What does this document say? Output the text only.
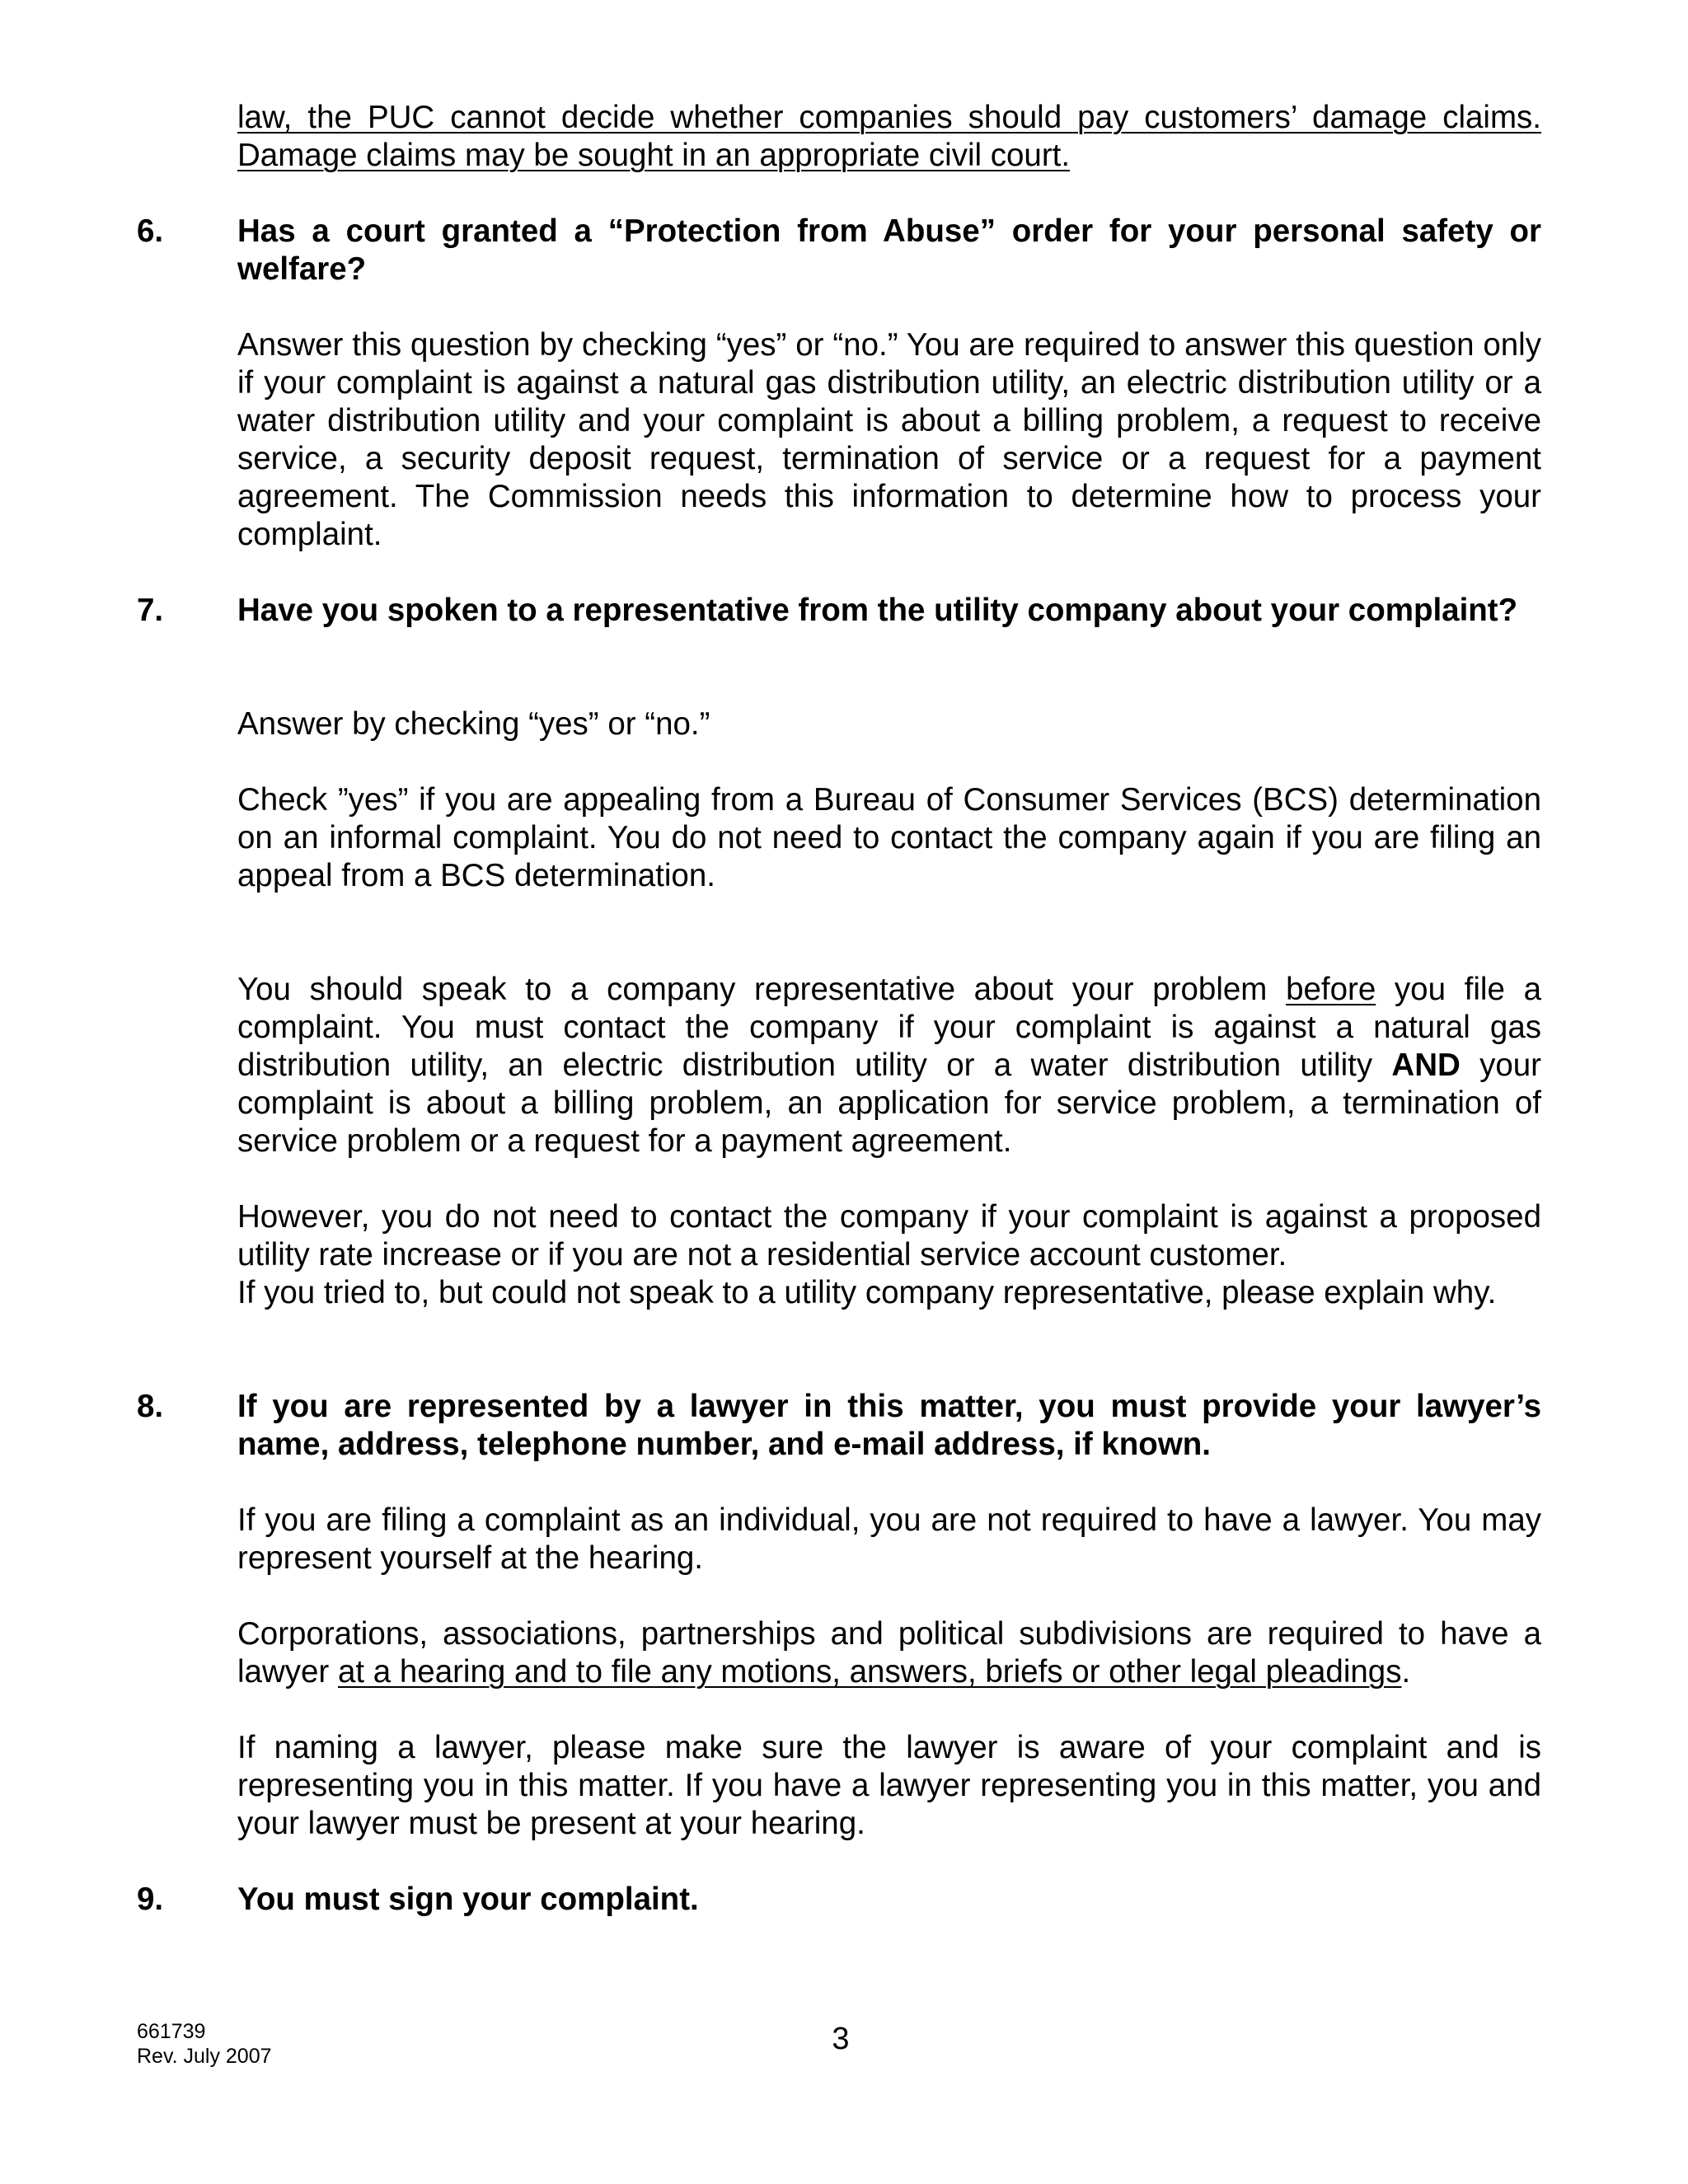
law, the PUC cannot decide whether companies should pay customers’ damage claims. Damage claims may be sought in an appropriate civil court.
6. Has a court granted a “Protection from Abuse” order for your personal safety or welfare?
Answer this question by checking “yes” or “no.” You are required to answer this question only if your complaint is against a natural gas distribution utility, an electric distribution utility or a water distribution utility and your complaint is about a billing problem, a request to receive service, a security deposit request, termination of service or a request for a payment agreement. The Commission needs this information to determine how to process your complaint.
7. Have you spoken to a representative from the utility company about your complaint?
Answer by checking “yes” or “no.”
Check ”yes” if you are appealing from a Bureau of Consumer Services (BCS) determination on an informal complaint. You do not need to contact the company again if you are filing an appeal from a BCS determination.
You should speak to a company representative about your problem before you file a complaint. You must contact the company if your complaint is against a natural gas distribution utility, an electric distribution utility or a water distribution utility AND your complaint is about a billing problem, an application for service problem, a termination of service problem or a request for a payment agreement.
However, you do not need to contact the company if your complaint is against a proposed utility rate increase or if you are not a residential service account customer.
If you tried to, but could not speak to a utility company representative, please explain why.
8. If you are represented by a lawyer in this matter, you must provide your lawyer’s name, address, telephone number, and e-mail address, if known.
If you are filing a complaint as an individual, you are not required to have a lawyer. You may represent yourself at the hearing.
Corporations, associations, partnerships and political subdivisions are required to have a lawyer at a hearing and to file any motions, answers, briefs or other legal pleadings.
If naming a lawyer, please make sure the lawyer is aware of your complaint and is representing you in this matter. If you have a lawyer representing you in this matter, you and your lawyer must be present at your hearing.
9. You must sign your complaint.
661739
Rev. July 2007	3
